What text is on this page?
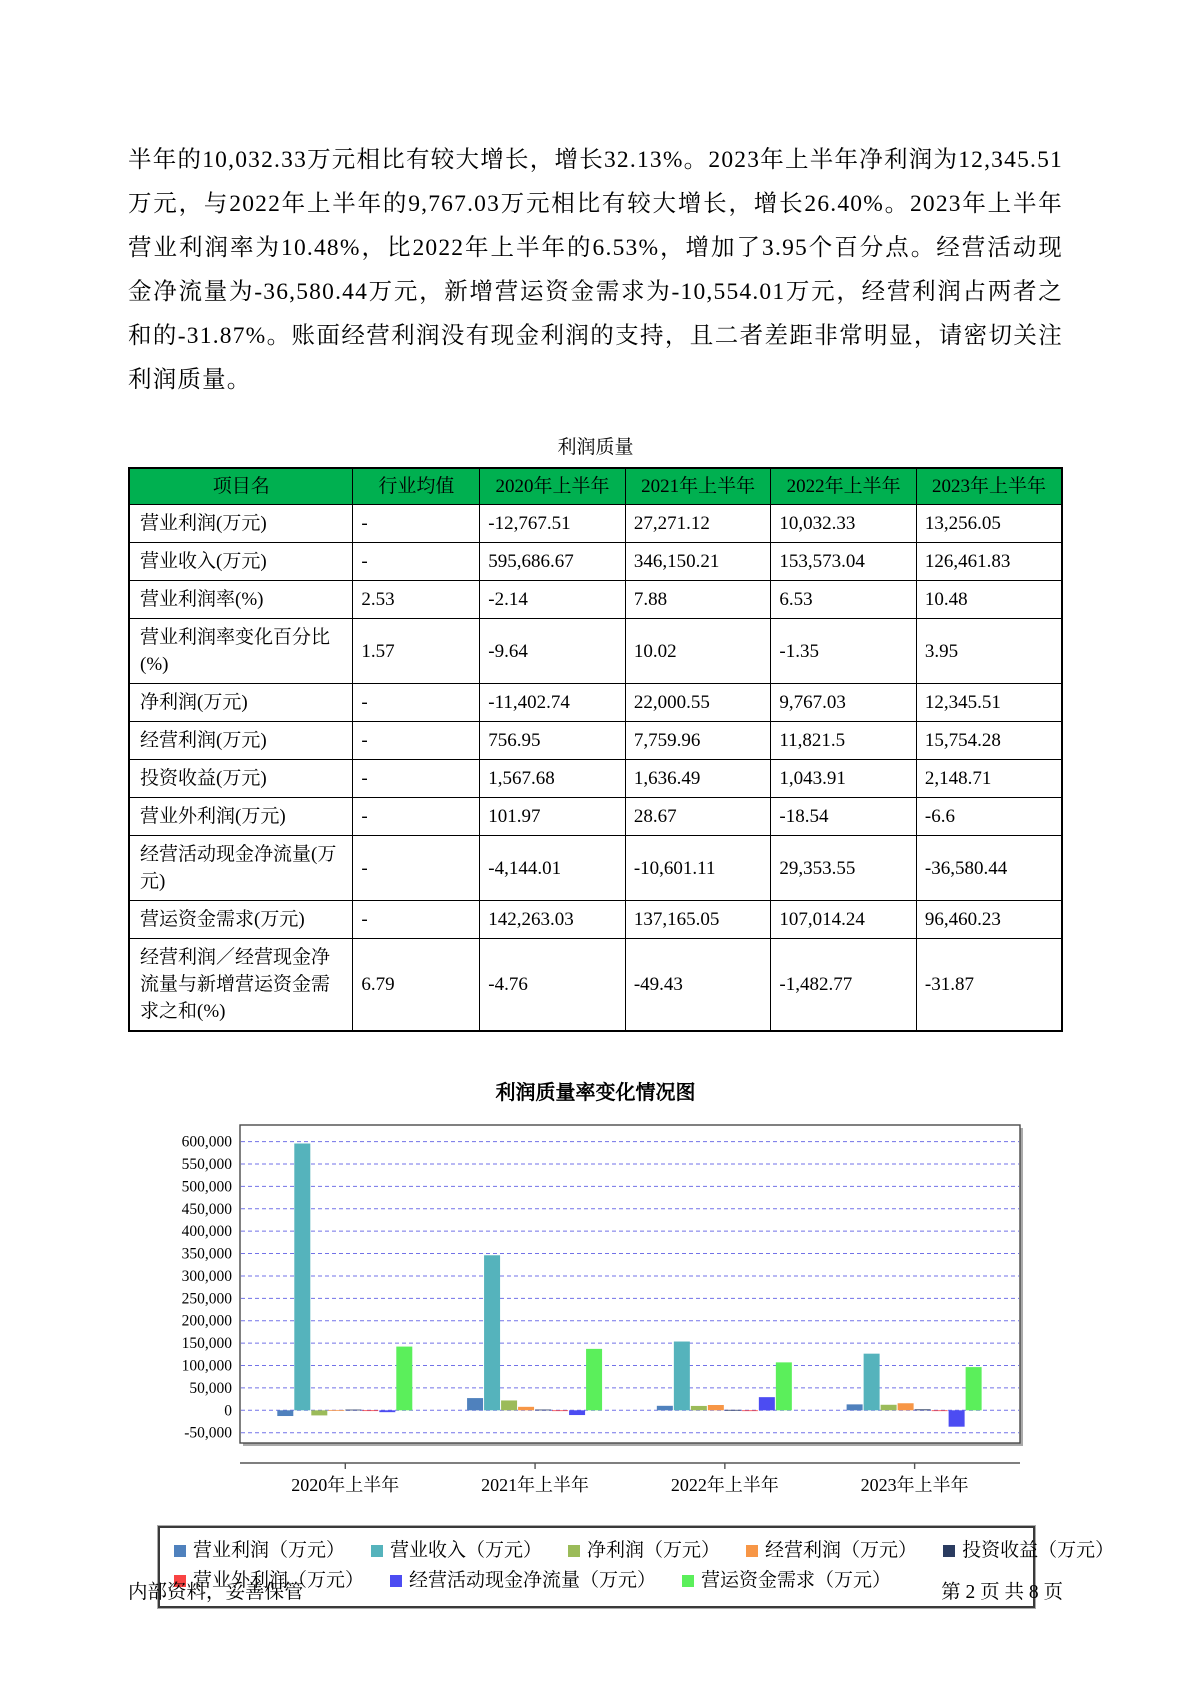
半年的10,032.33万元相比有较大增长，增长32.13%。2023年上半年净利润为12,345.51万元，与2022年上半年的9,767.03万元相比有较大增长，增长26.40%。2023年上半年营业利润率为10.48%，比2022年上半年的6.53%，增加了3.95个百分点。经营活动现金净流量为-36,580.44万元，新增营运资金需求为-10,554.01万元，经营利润占两者之和的-31.87%。账面经营利润没有现金利润的支持，且二者差距非常明显，请密切关注利润质量。

利润质量
项目名	行业均值	2020年上半年	2021年上半年	2022年上半年	2023年上半年
营业利润(万元)	-	-12,767.51	27,271.12	10,032.33	13,256.05
营业收入(万元)	-	595,686.67	346,150.21	153,573.04	126,461.83
营业利润率(%)	2.53	-2.14	7.88	6.53	10.48
营业利润率变化百分比(%)	1.57	-9.64	10.02	-1.35	3.95
净利润(万元)	-	-11,402.74	22,000.55	9,767.03	12,345.51
经营利润(万元)	-	756.95	7,759.96	11,821.5	15,754.28
投资收益(万元)	-	1,567.68	1,636.49	1,043.91	2,148.71
营业外利润(万元)	-	101.97	28.67	-18.54	-6.6
经营活动现金净流量(万元)	-	-4,144.01	-10,601.11	29,353.55	-36,580.44
营运资金需求(万元)	-	142,263.03	137,165.05	107,014.24	96,460.23
经营利润／经营现金净流量与新增营运资金需求之和(%)	6.79	-4.76	-49.43	-1,482.77	-31.87
利润质量率变化情况图
-50,000
0
50,000
100,000
150,000
200,000
250,000
300,000
350,000
400,000
450,000
500,000
550,000
600,000
2020年上半年	2021年上半年	2022年上半年	2023年上半年
营业利润（万元） 营业收入（万元） 净利润（万元） 经营利润（万元） 投资收益（万元）
营业外利润（万元） 经营活动现金净流量（万元） 营运资金需求（万元）
内部资料，妥善保管	第 2 页 共 8 页
